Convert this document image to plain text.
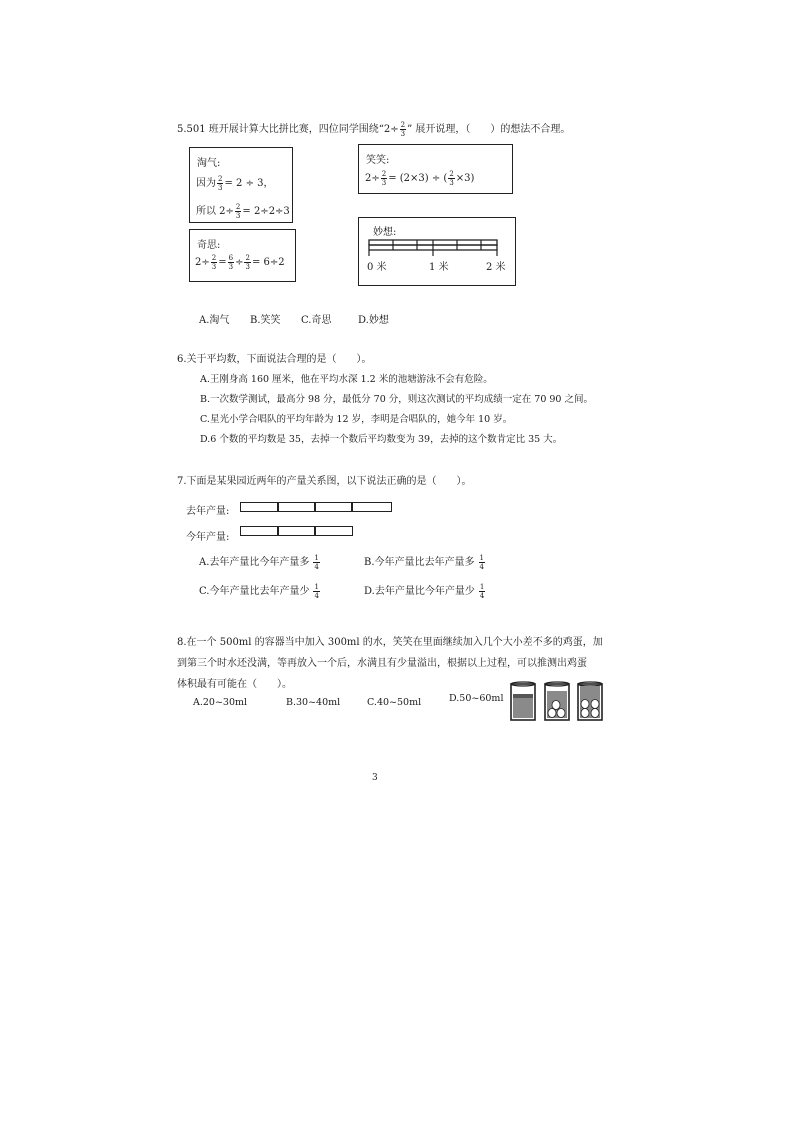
5.501 班开展计算大比拼比赛，四位同学围绕“$2\div \frac{2}{3}$ ” 展开说理，（　　）的想法不合理。
淘气:
因为 $\frac{2}{3} = 2 \div 3$，
所以 $2\div \frac{2}{3} = 2\div 2\div 3$
奇思:
$2\div \frac{2}{3} = \frac{6}{3} \div \frac{2}{3} = 6\div 2$
笑笑:
$2\div \frac{2}{3} = (2\times 3)$ ÷ ( $\frac{2}{3} \times 3$)
妙想:
0 米	1 米	2 米
A.淘气 B.笑笑 C.奇思	D.妙想
6.关于平均数，下面说法合理的是（　　）。
A.王刚身高 160 厘米，他在平均水深 1.2 米的池塘游泳不会有危险。
B.一次数学测试，最高分 98 分，最低分 70 分，则这次测试的平均成绩一定在 70 90 之间。
C.星光小学合唱队的平均年龄为 12 岁，李明是合唱队的，她今年 10 岁。
D.6 个数的平均数是 35，去掉一个数后平均数变为 39，去掉的这个数肯定比 35 大。
7.下面是某果园近两年的产量关系图，以下说法正确的是（　　）。
去年产量:
今年产量:
A.去年产量比今年产量多 $\frac{1}{4}$	B.今年产量比去年产量多 $\frac{1}{4}$
C.今年产量比去年产量少 $\frac{1}{4}$	D.去年产量比今年产量少 $\frac{1}{4}$
8.在一个 500ml 的容器当中加入 300ml 的水，笑笑在里面继续加入几个大小差不多的鸡蛋，加
到第三个时水还没满，等再放入一个后，水满且有少量溢出，根据以上过程，可以推测出鸡蛋
体积最有可能在（　　）。
A.20~30ml	B.30~40ml	C.40~50ml	D.50~60ml
3
